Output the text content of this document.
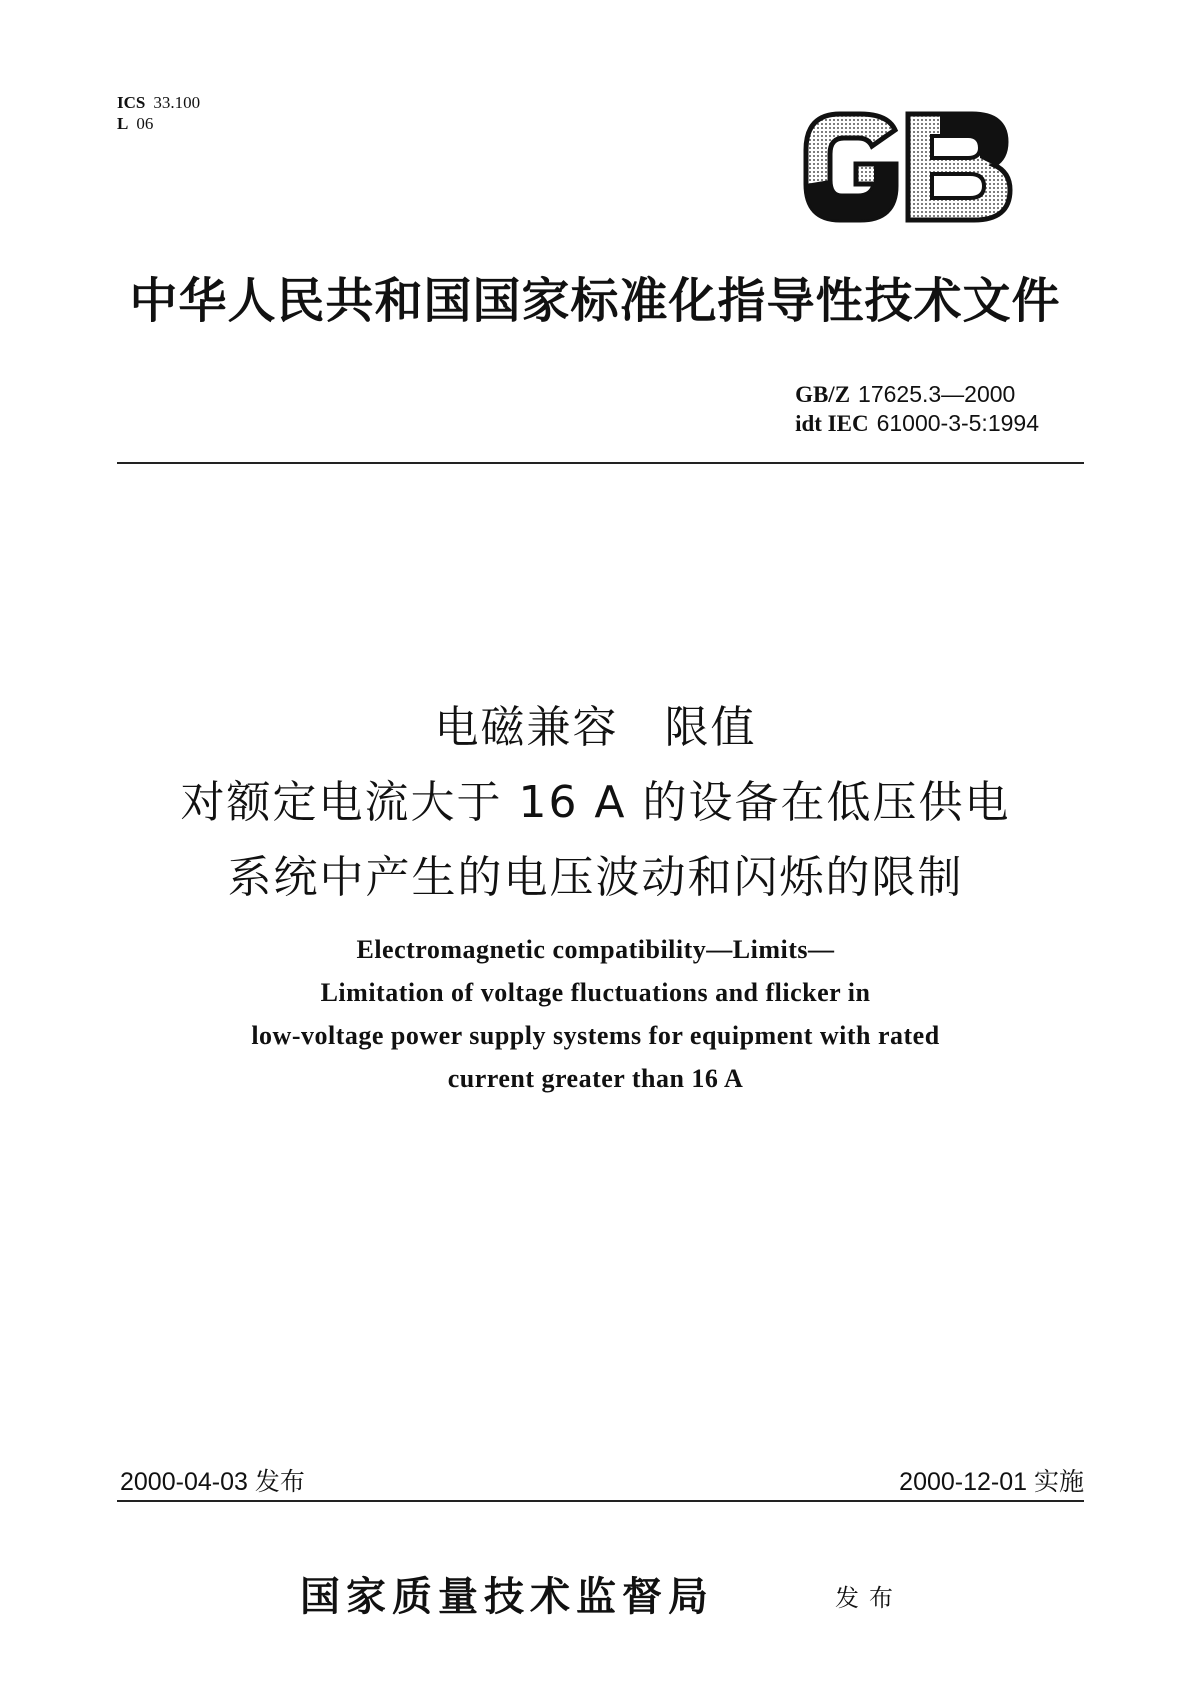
ICS 33.100
L 06
中华人民共和国国家标准化指导性技术文件
GB/Z 17625.3—2000
idt IEC 61000-3-5:1994
电磁兼容　限值
对额定电流大于 16 A 的设备在低压供电
系统中产生的电压波动和闪烁的限制
Electromagnetic compatibility—Limits—
Limitation of voltage fluctuations and flicker in
low-voltage power supply systems for equipment with rated
current greater than 16 A
2000-04-03 发布	2000-12-01 实施
国家质量技术监督局	发布
